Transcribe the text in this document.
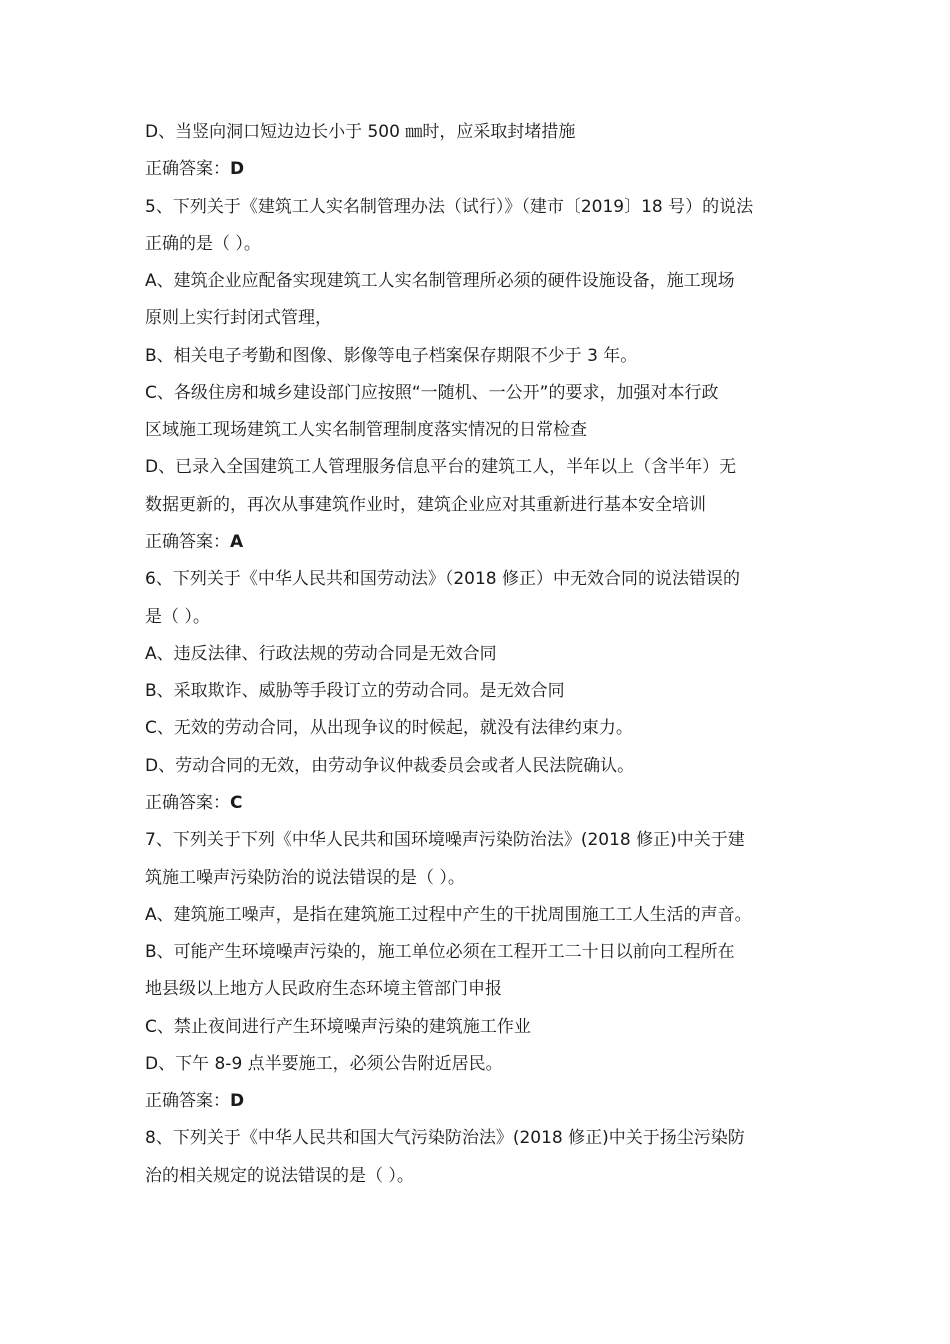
D、当竖向洞口短边边长小于 500 ㎜时，应采取封堵措施
正确答案：D
5、下列关于《建筑工人实名制管理办法（试行）》（建市〔2019〕18 号）的说法
正确的是（ ）。
A、建筑企业应配备实现建筑工人实名制管理所必须的硬件设施设备，施工现场
原则上实行封闭式管理，
B、相关电子考勤和图像、影像等电子档案保存期限不少于 3 年。
C、各级住房和城乡建设部门应按照“一随机、一公开”的要求，加强对本行政
区域施工现场建筑工人实名制管理制度落实情况的日常检查
D、已录入全国建筑工人管理服务信息平台的建筑工人，半年以上（含半年）无
数据更新的，再次从事建筑作业时，建筑企业应对其重新进行基本安全培训
正确答案：A
6、下列关于《中华人民共和国劳动法》（2018 修正）中无效合同的说法错误的
是（ ）。
A、违反法律、行政法规的劳动合同是无效合同
B、采取欺诈、威胁等手段订立的劳动合同。是无效合同
C、无效的劳动合同，从出现争议的时候起，就没有法律约束力。
D、劳动合同的无效，由劳动争议仲裁委员会或者人民法院确认。
正确答案：C
7、下列关于下列《中华人民共和国环境噪声污染防治法》(2018 修正)中关于建
筑施工噪声污染防治的说法错误的是（ ）。
A、建筑施工噪声，是指在建筑施工过程中产生的干扰周围施工工人生活的声音。
B、可能产生环境噪声污染的，施工单位必须在工程开工二十日以前向工程所在
地县级以上地方人民政府生态环境主管部门申报
C、禁止夜间进行产生环境噪声污染的建筑施工作业
D、下午 8-9 点半要施工，必须公告附近居民。
正确答案：D
8、下列关于《中华人民共和国大气污染防治法》(2018 修正)中关于扬尘污染防
治的相关规定的说法错误的是（ ）。
